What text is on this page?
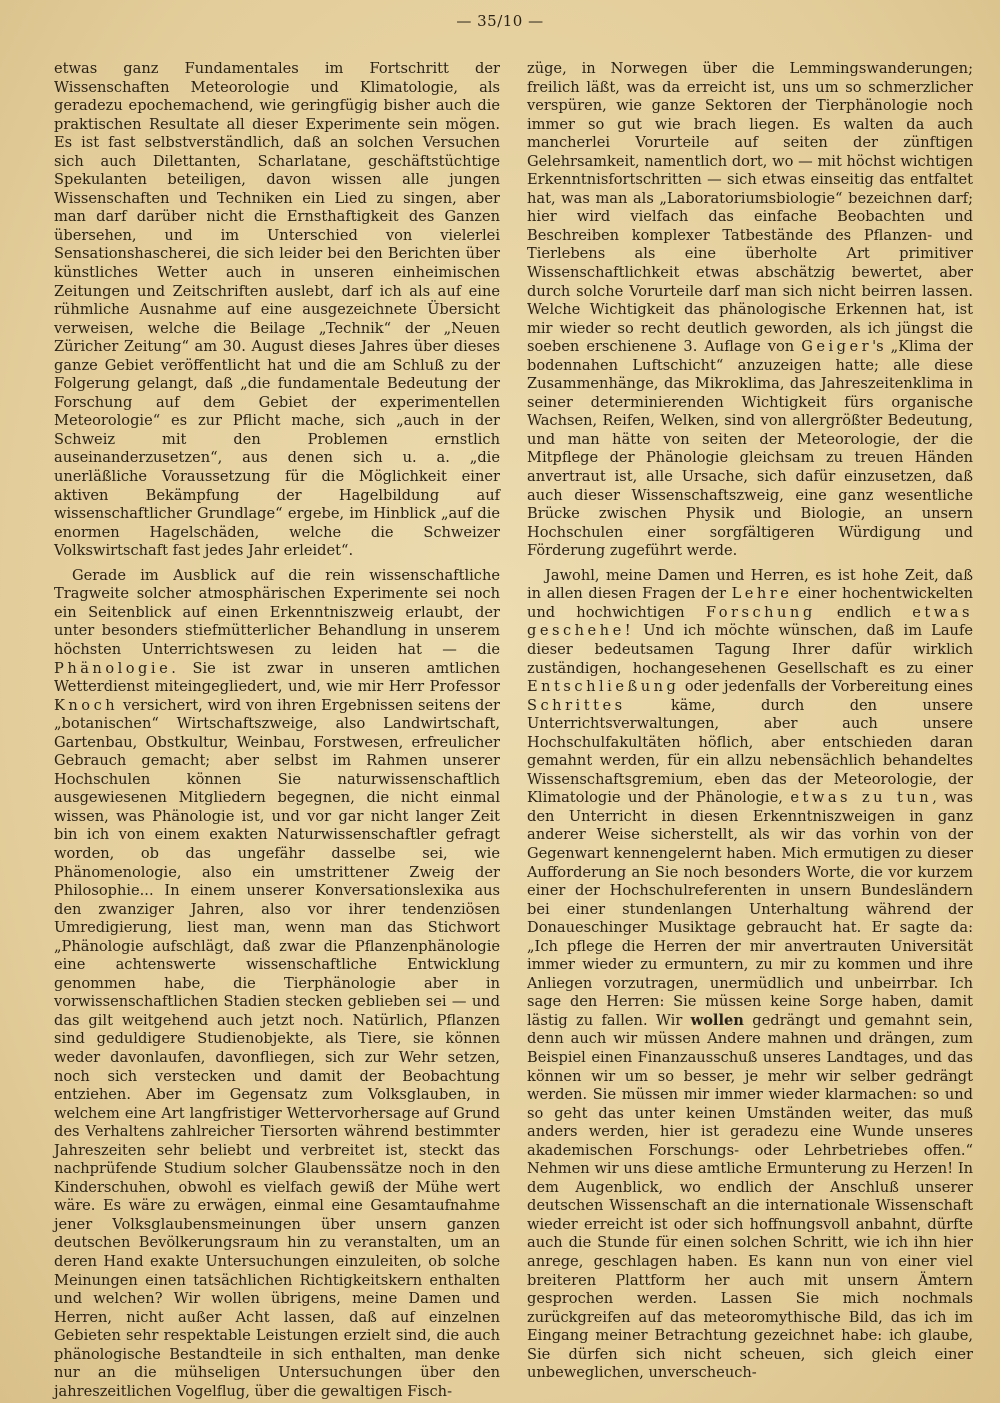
— 35/10 —

etwas ganz Fundamentales im Fortschritt der Wissenschaften Meteorologie und Klimatologie, als geradezu epochemachend, wie geringfügig bisher auch die praktischen Resultate all dieser Experimente sein mögen. Es ist fast selbstverständlich, daß an solchen Versuchen sich auch Dilettanten, Scharlatane, geschäftstüchtige Spekulanten beteiligen, davon wissen alle jungen Wissenschaften und Techniken ein Lied zu singen, aber man darf darüber nicht die Ernsthaftigkeit des Ganzen übersehen, und im Unterschied von vielerlei Sensationshascherei, die sich leider bei den Berichten über künstliches Wetter auch in unseren einheimischen Zeitungen und Zeitschriften auslebt, darf ich als auf eine rühmliche Ausnahme auf eine ausgezeichnete Übersicht verweisen, welche die Beilage „Technik“ der „Neuen Züricher Zeitung“ am 30. August dieses Jahres über dieses ganze Gebiet veröffentlicht hat und die am Schluß zu der Folgerung gelangt, daß „die fundamentale Bedeutung der Forschung auf dem Gebiet der experimentellen Meteorologie“ es zur Pflicht mache, sich „auch in der Schweiz mit den Problemen ernstlich auseinanderzusetzen“, aus denen sich u. a. „die unerläßliche Voraussetzung für die Möglichkeit einer aktiven Bekämpfung der Hagelbildung auf wissenschaftlicher Grundlage“ ergebe, im Hinblick „auf die enormen Hagelschäden, welche die Schweizer Volkswirtschaft fast jedes Jahr erleidet“.

Gerade im Ausblick auf die rein wissenschaftliche Tragweite solcher atmosphärischen Experimente sei noch ein Seitenblick auf einen Erkenntniszweig erlaubt, der unter besonders stiefmütterlicher Behandlung in unserem höchsten Unterrichtswesen zu leiden hat — die Phänologie. Sie ist zwar in unseren amtlichen Wetterdienst miteingegliedert, und, wie mir Herr Professor Knoch versichert, wird von ihren Ergebnissen seitens der „botanischen“ Wirtschaftszweige, also Landwirtschaft, Gartenbau, Obstkultur, Weinbau, Forstwesen, erfreulicher Gebrauch gemacht; aber selbst im Rahmen unserer Hochschulen können Sie naturwissenschaftlich ausgewiesenen Mitgliedern begegnen, die nicht einmal wissen, was Phänologie ist, und vor gar nicht langer Zeit bin ich von einem exakten Naturwissenschaftler gefragt worden, ob das ungefähr dasselbe sei, wie Phänomenologie, also ein umstrittener Zweig der Philosophie... In einem unserer Konversationslexika aus den zwanziger Jahren, also vor ihrer tendenziösen Umredigierung, liest man, wenn man das Stichwort „Phänologie aufschlägt, daß zwar die Pflanzenphänologie eine achtenswerte wissenschaftliche Entwicklung genommen habe, die Tierphänologie aber in vorwissenschaftlichen Stadien stecken geblieben sei — und das gilt weitgehend auch jetzt noch. Natürlich, Pflanzen sind geduldigere Studienobjekte, als Tiere, sie können weder davonlaufen, davonfliegen, sich zur Wehr setzen, noch sich verstecken und damit der Beobachtung entziehen. Aber im Gegensatz zum Volksglauben, in welchem eine Art langfristiger Wettervorhersage auf Grund des Verhaltens zahlreicher Tiersorten während bestimmter Jahreszeiten sehr beliebt und verbreitet ist, steckt das nachprüfende Studium solcher Glaubenssätze noch in den Kinderschuhen, obwohl es vielfach gewiß der Mühe wert wäre. Es wäre zu erwägen, einmal eine Gesamtaufnahme jener Volksglaubensmeinungen über unsern ganzen deutschen Bevölkerungsraum hin zu veranstalten, um an deren Hand exakte Untersuchungen einzuleiten, ob solche Meinungen einen tatsächlichen Richtigkeitskern enthalten und welchen? Wir wollen übrigens, meine Damen und Herren, nicht außer Acht lassen, daß auf einzelnen Gebieten sehr respektable Leistungen erzielt sind, die auch phänologische Bestandteile in sich enthalten, man denke nur an die mühseligen Untersuchungen über den jahreszeitlichen Vogelflug, über die gewaltigen Fisch-

züge, in Norwegen über die Lemmingswanderungen; freilich läßt, was da erreicht ist, uns um so schmerzlicher verspüren, wie ganze Sektoren der Tierphänologie noch immer so gut wie brach liegen. Es walten da auch mancherlei Vorurteile auf seiten der zünftigen Gelehrsamkeit, namentlich dort, wo — mit höchst wichtigen Erkenntnisfortschritten — sich etwas einseitig das entfaltet hat, was man als „Laboratoriumsbiologie“ bezeichnen darf; hier wird vielfach das einfache Beobachten und Beschreiben komplexer Tatbestände des Pflanzen- und Tierlebens als eine überholte Art primitiver Wissenschaftlichkeit etwas abschätzig bewertet, aber durch solche Vorurteile darf man sich nicht beirren lassen. Welche Wichtigkeit das phänologische Erkennen hat, ist mir wieder so recht deutlich geworden, als ich jüngst die soeben erschienene 3. Auflage von Geiger's „Klima der bodennahen Luftschicht“ anzuzeigen hatte; alle diese Zusammenhänge, das Mikroklima, das Jahreszeitenklima in seiner determinierenden Wichtigkeit fürs organische Wachsen, Reifen, Welken, sind von allergrößter Bedeutung, und man hätte von seiten der Meteorologie, der die Mitpflege der Phänologie gleichsam zu treuen Händen anvertraut ist, alle Ursache, sich dafür einzusetzen, daß auch dieser Wissenschaftszweig, eine ganz wesentliche Brücke zwischen Physik und Biologie, an unsern Hochschulen einer sorgfältigeren Würdigung und Förderung zugeführt werde.

Jawohl, meine Damen und Herren, es ist hohe Zeit, daß in allen diesen Fragen der Lehre einer hochentwickelten und hochwichtigen Forschung endlich etwas geschehe! Und ich möchte wünschen, daß im Laufe dieser bedeutsamen Tagung Ihrer dafür wirklich zuständigen, hochangesehenen Gesellschaft es zu einer Entschließung oder jedenfalls der Vorbereitung eines Schrittes käme, durch den unsere Unterrichtsverwaltungen, aber auch unsere Hochschulfakultäten höflich, aber entschieden daran gemahnt werden, für ein allzu nebensächlich behandeltes Wissenschaftsgremium, eben das der Meteorologie, der Klimatologie und der Phänologie, etwas zu tun, was den Unterricht in diesen Erkenntniszweigen in ganz anderer Weise sicherstellt, als wir das vorhin von der Gegenwart kennengelernt haben. Mich ermutigen zu dieser Aufforderung an Sie noch besonders Worte, die vor kurzem einer der Hochschulreferenten in unsern Bundesländern bei einer stundenlangen Unterhaltung während der Donaueschinger Musiktage gebraucht hat. Er sagte da: „Ich pflege die Herren der mir anvertrauten Universität immer wieder zu ermuntern, zu mir zu kommen und ihre Anliegen vorzutragen, unermüdlich und unbeirrbar. Ich sage den Herren: Sie müssen keine Sorge haben, damit lästig zu fallen. Wir wollen gedrängt und gemahnt sein, denn auch wir müssen Andere mahnen und drängen, zum Beispiel einen Finanzausschuß unseres Landtages, und das können wir um so besser, je mehr wir selber gedrängt werden. Sie müssen mir immer wieder klarmachen: so und so geht das unter keinen Umständen weiter, das muß anders werden, hier ist geradezu eine Wunde unseres akademischen Forschungs- oder Lehrbetriebes offen.“ Nehmen wir uns diese amtliche Ermunterung zu Herzen! In dem Augenblick, wo endlich der Anschluß unserer deutschen Wissenschaft an die internationale Wissenschaft wieder erreicht ist oder sich hoffnungsvoll anbahnt, dürfte auch die Stunde für einen solchen Schritt, wie ich ihn hier anrege, geschlagen haben. Es kann nun von einer viel breiteren Plattform her auch mit unsern Ämtern gesprochen werden. Lassen Sie mich nochmals zurückgreifen auf das meteoromythische Bild, das ich im Eingang meiner Betrachtung gezeichnet habe: ich glaube, Sie dürfen sich nicht scheuen, sich gleich einer unbeweglichen, unverscheuch-
